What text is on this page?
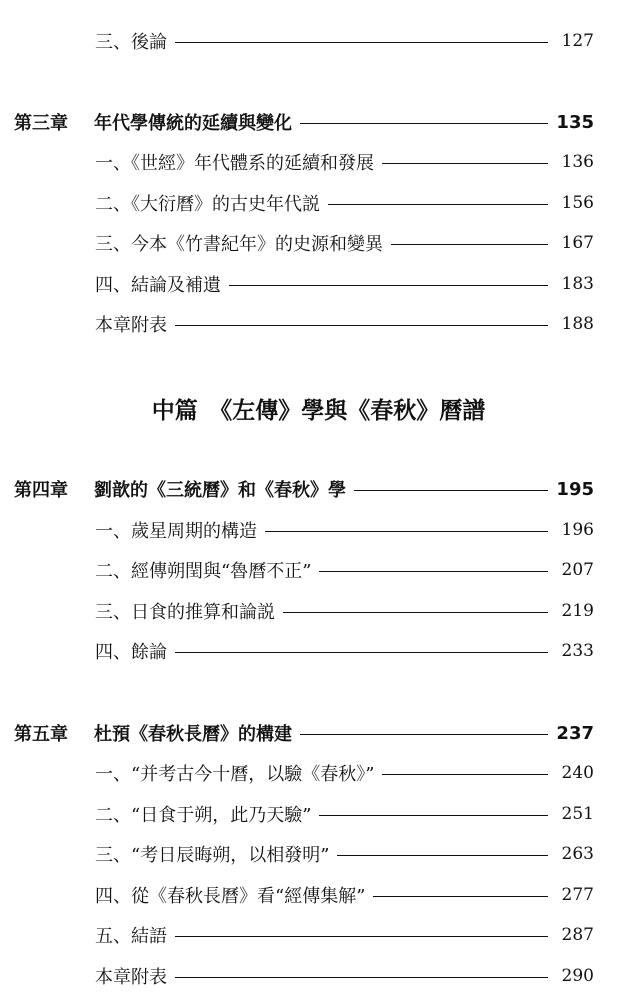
三、後論	127
第三章	年代學傳統的延續與變化	135
一、《世經》年代體系的延續和發展	136
二、《大衍曆》的古史年代説	156
三、今本《竹書紀年》的史源和變異	167
四、結論及補遺	183
本章附表	188
中篇　《左傳》學與《春秋》曆譜
第四章	劉歆的《三統曆》和《春秋》學	195
一、歲星周期的構造	196
二、經傳朔閏與“魯曆不正”	207
三、日食的推算和論説	219
四、餘論	233
第五章	杜預《春秋長曆》的構建	237
一、“并考古今十曆，以驗《春秋》”	240
二、“日食于朔，此乃天驗”	251
三、“考日辰晦朔，以相發明”	263
四、從《春秋長曆》看“經傳集解”	277
五、結語	287
本章附表	290
